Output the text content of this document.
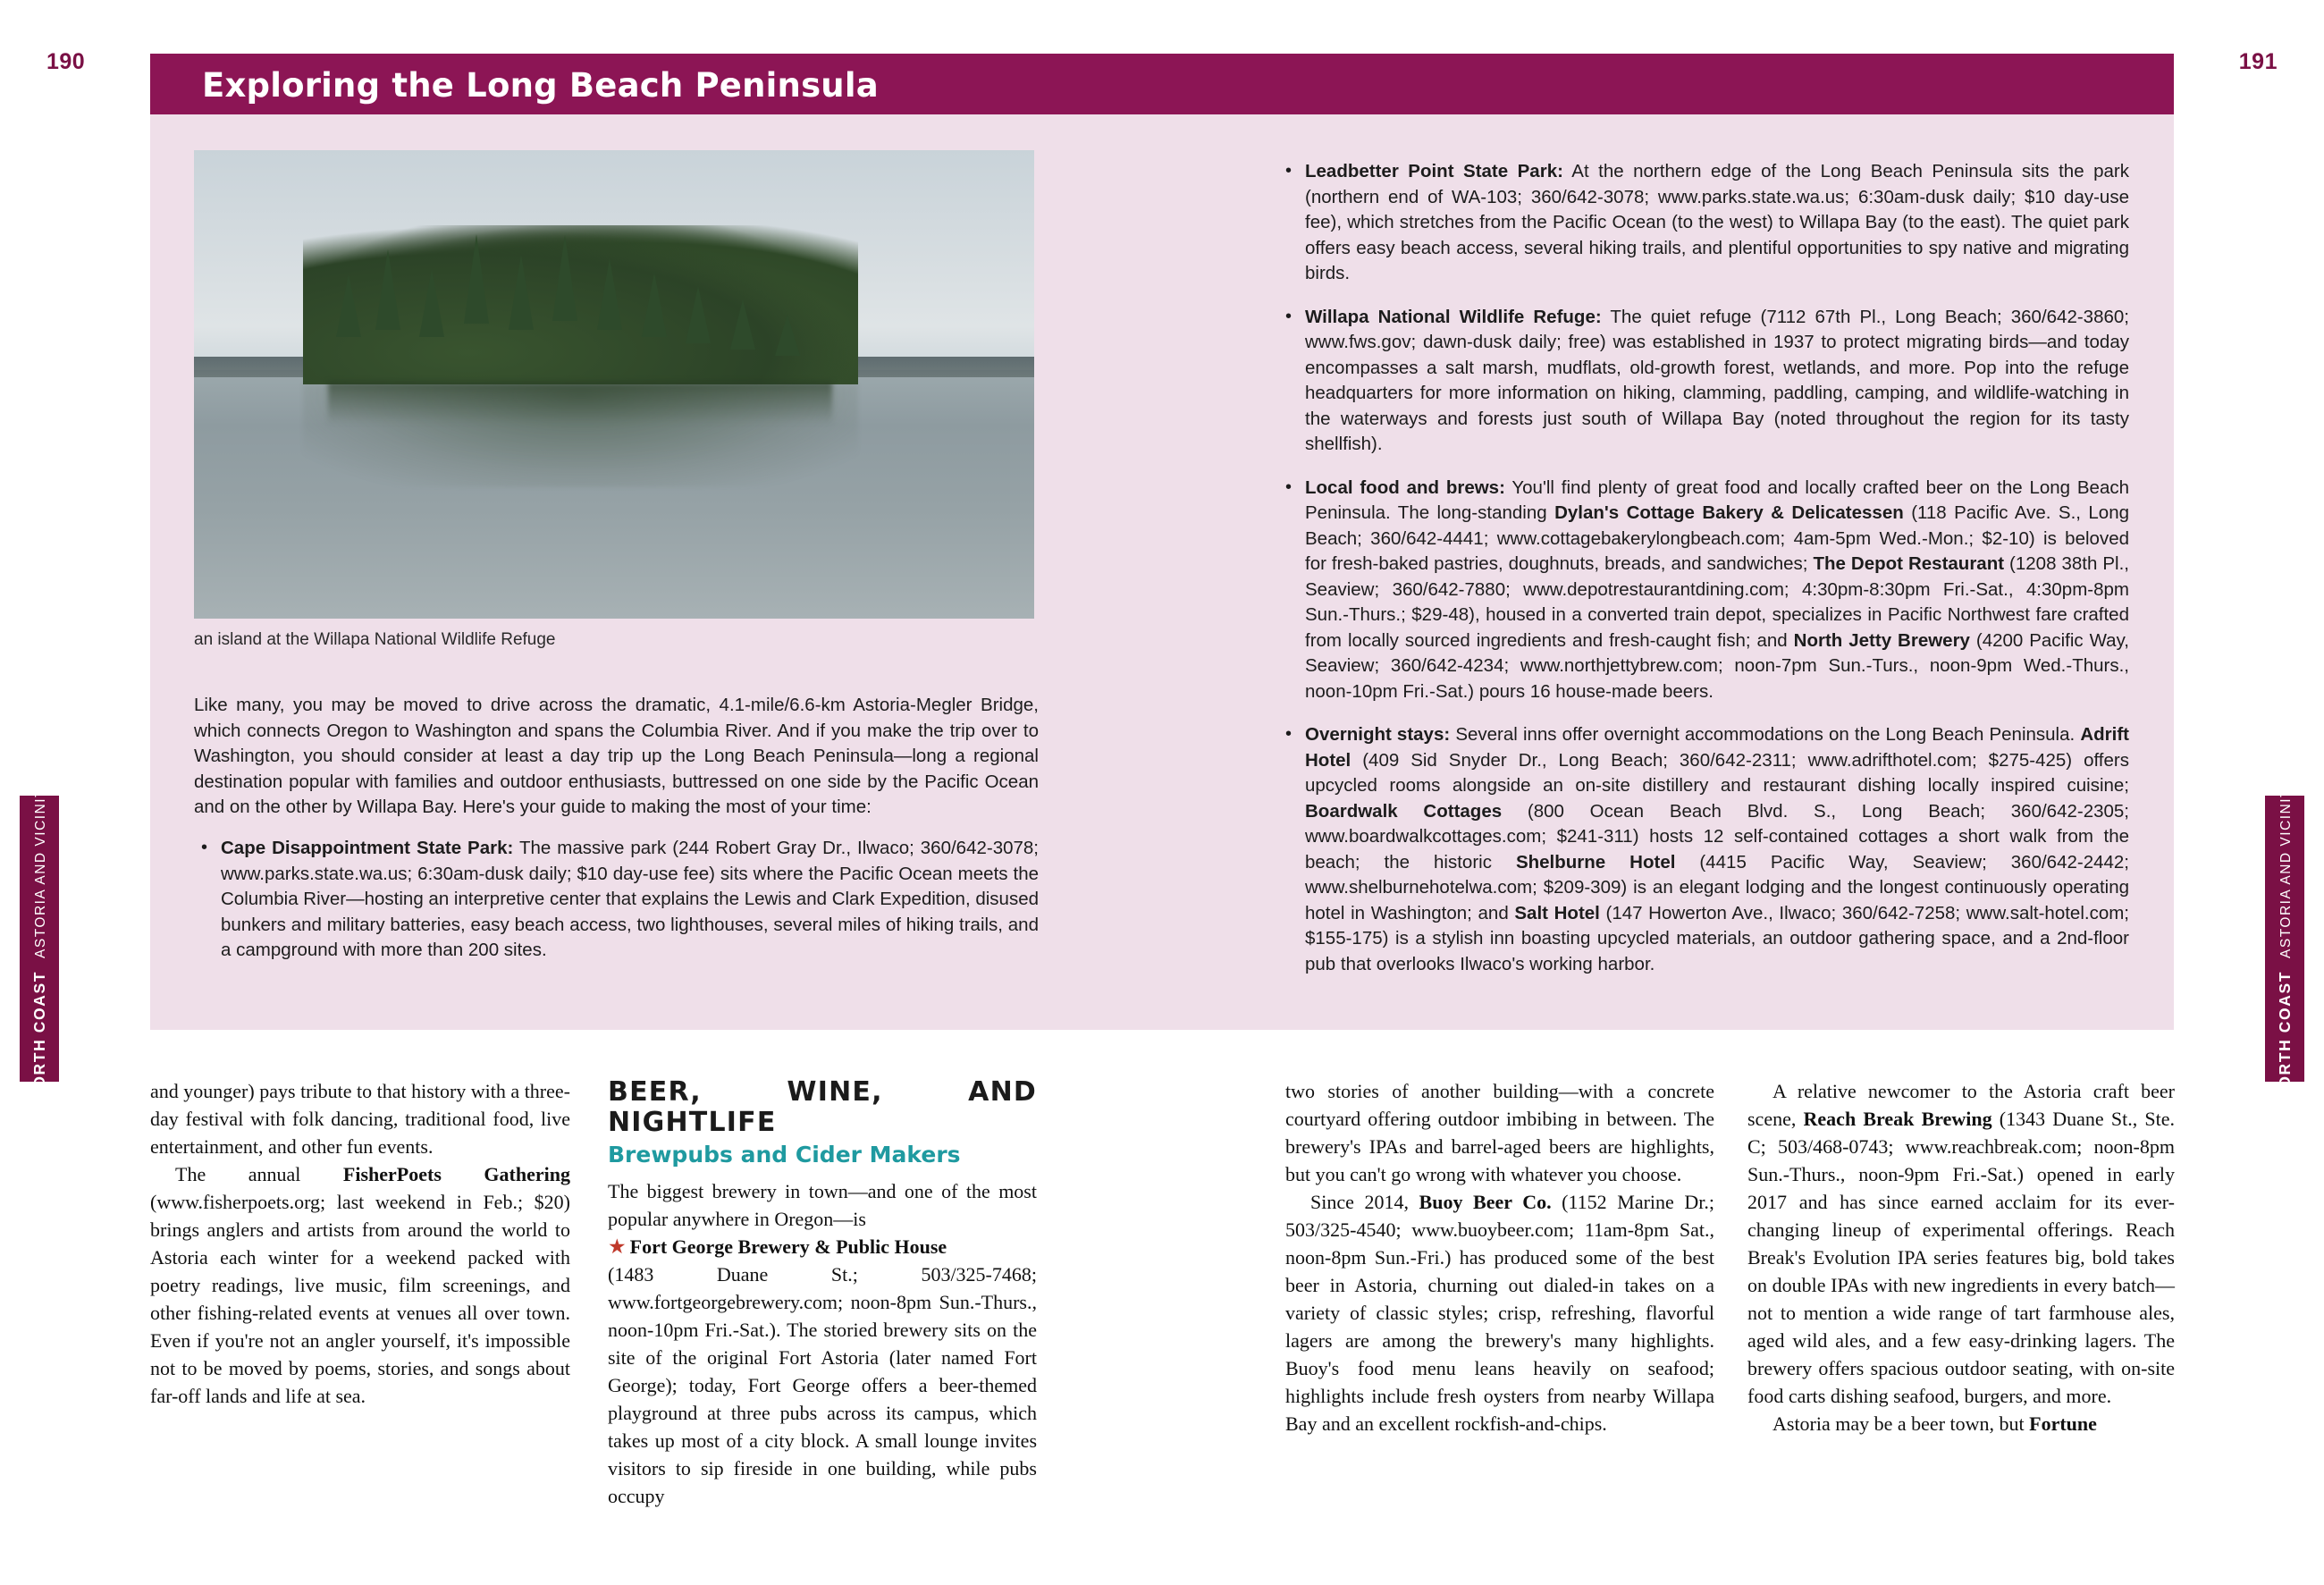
190	191
NORTH COAST
ASTORIA AND VICINITY
NORTH COAST
ASTORIA AND VICINITY
Exploring the Long Beach Peninsula
an island at the Willapa National Wildlife Refuge
Like many, you may be moved to drive across the dramatic, 4.1-mile/6.6-km Astoria-Megler Bridge, which connects Oregon to Washington and spans the Columbia River. And if you make the trip over to Washington, you should consider at least a day trip up the Long Beach Peninsula—long a regional destination popular with families and outdoor enthusiasts, buttressed on one side by the Pacific Ocean and on the other by Willapa Bay. Here's your guide to making the most of your time:
• Cape Disappointment State Park: The massive park (244 Robert Gray Dr., Ilwaco; 360/642-3078; www.parks.state.wa.us; 6:30am-dusk daily; $10 day-use fee) sits where the Pacific Ocean meets the Columbia River—hosting an interpretive center that explains the Lewis and Clark Expedition, disused bunkers and military batteries, easy beach access, two lighthouses, several miles of hiking trails, and a campground with more than 200 sites.
• Leadbetter Point State Park: At the northern edge of the Long Beach Peninsula sits the park (northern end of WA-103; 360/642-3078; www.parks.state.wa.us; 6:30am-dusk daily; $10 day-use fee), which stretches from the Pacific Ocean (to the west) to Willapa Bay (to the east). The quiet park offers easy beach access, several hiking trails, and plentiful opportunities to spy native and migrating birds.
• Willapa National Wildlife Refuge: The quiet refuge (7112 67th Pl., Long Beach; 360/642-3860; www.fws.gov; dawn-dusk daily; free) was established in 1937 to protect migrating birds—and today encompasses a salt marsh, mudflats, old-growth forest, wetlands, and more. Pop into the refuge headquarters for more information on hiking, clamming, paddling, camping, and wildlife-watching in the waterways and forests just south of Willapa Bay (noted throughout the region for its tasty shellfish).
• Local food and brews: You'll find plenty of great food and locally crafted beer on the Long Beach Peninsula. The long-standing Dylan's Cottage Bakery & Delicatessen (118 Pacific Ave. S., Long Beach; 360/642-4441; www.cottagebakerylongbeach.com; 4am-5pm Wed.-Mon.; $2-10) is beloved for fresh-baked pastries, doughnuts, breads, and sandwiches; The Depot Restaurant (1208 38th Pl., Seaview; 360/642-7880; www.depotrestaurantdining.com; 4:30pm-8:30pm Fri.-Sat., 4:30pm-8pm Sun.-Thurs.; $29-48), housed in a converted train depot, specializes in Pacific Northwest fare crafted from locally sourced ingredients and fresh-caught fish; and North Jetty Brewery (4200 Pacific Way, Seaview; 360/642-4234; www.northjettybrew.com; noon-7pm Sun.-Turs., noon-9pm Wed.-Thurs., noon-10pm Fri.-Sat.) pours 16 house-made beers.
• Overnight stays: Several inns offer overnight accommodations on the Long Beach Peninsula. Adrift Hotel (409 Sid Snyder Dr., Long Beach; 360/642-2311; www.adrifthotel.com; $275-425) offers upcycled rooms alongside an on-site distillery and restaurant dishing locally inspired cuisine; Boardwalk Cottages (800 Ocean Beach Blvd. S., Long Beach; 360/642-2305; www.boardwalkcottages.com; $241-311) hosts 12 self-contained cottages a short walk from the beach; the historic Shelburne Hotel (4415 Pacific Way, Seaview; 360/642-2442; www.shelburnehotelwa.com; $209-309) is an elegant lodging and the longest continuously operating hotel in Washington; and Salt Hotel (147 Howerton Ave., Ilwaco; 360/642-7258; www.salt-hotel.com; $155-175) is a stylish inn boasting upcycled materials, an outdoor gathering space, and a 2nd-floor pub that overlooks Ilwaco's working harbor.

and younger) pays tribute to that history with a three-day festival with folk dancing, traditional food, live entertainment, and other fun events.

The annual FisherPoets Gathering (www.fisherpoets.org; last weekend in Feb.; $20) brings anglers and artists from around the world to Astoria each winter for a weekend packed with poetry readings, live music, film screenings, and other fishing-related events at venues all over town. Even if you're not an angler yourself, it's impossible not to be moved by poems, stories, and songs about far-off lands and life at sea.

BEER, WINE, AND NIGHTLIFE
Brewpubs and Cider Makers

The biggest brewery in town—and one of the most popular anywhere in Oregon—is

★ Fort George Brewery & Public House

(1483 Duane St.; 503/325-7468; www.fortgeorgebrewery.com; noon-8pm Sun.-Thurs., noon-10pm Fri.-Sat.). The storied brewery sits on the site of the original Fort Astoria (later named Fort George); today, Fort George offers a beer-themed playground at three pubs across its campus, which takes up most of a city block. A small lounge invites visitors to sip fireside in one building, while pubs occupy

two stories of another building—with a concrete courtyard offering outdoor imbibing in between. The brewery's IPAs and barrel-aged beers are highlights, but you can't go wrong with whatever you choose.

Since 2014, Buoy Beer Co. (1152 Marine Dr.; 503/325-4540; www.buoybeer.com; 11am-8pm Sat., noon-8pm Sun.-Fri.) has produced some of the best beer in Astoria, churning out dialed-in takes on a variety of classic styles; crisp, refreshing, flavorful lagers are among the brewery's many highlights. Buoy's food menu leans heavily on seafood; highlights include fresh oysters from nearby Willapa Bay and an excellent rockfish-and-chips.

A relative newcomer to the Astoria craft beer scene, Reach Break Brewing (1343 Duane St., Ste. C; 503/468-0743; www.reachbreak.com; noon-8pm Sun.-Thurs., noon-9pm Fri.-Sat.) opened in early 2017 and has since earned acclaim for its ever-changing lineup of experimental offerings. Reach Break's Evolution IPA series features big, bold takes on double IPAs with new ingredients in every batch—not to mention a wide range of tart farmhouse ales, aged wild ales, and a few easy-drinking lagers. The brewery offers spacious outdoor seating, with on-site food carts dishing seafood, burgers, and more.

Astoria may be a beer town, but Fortune
